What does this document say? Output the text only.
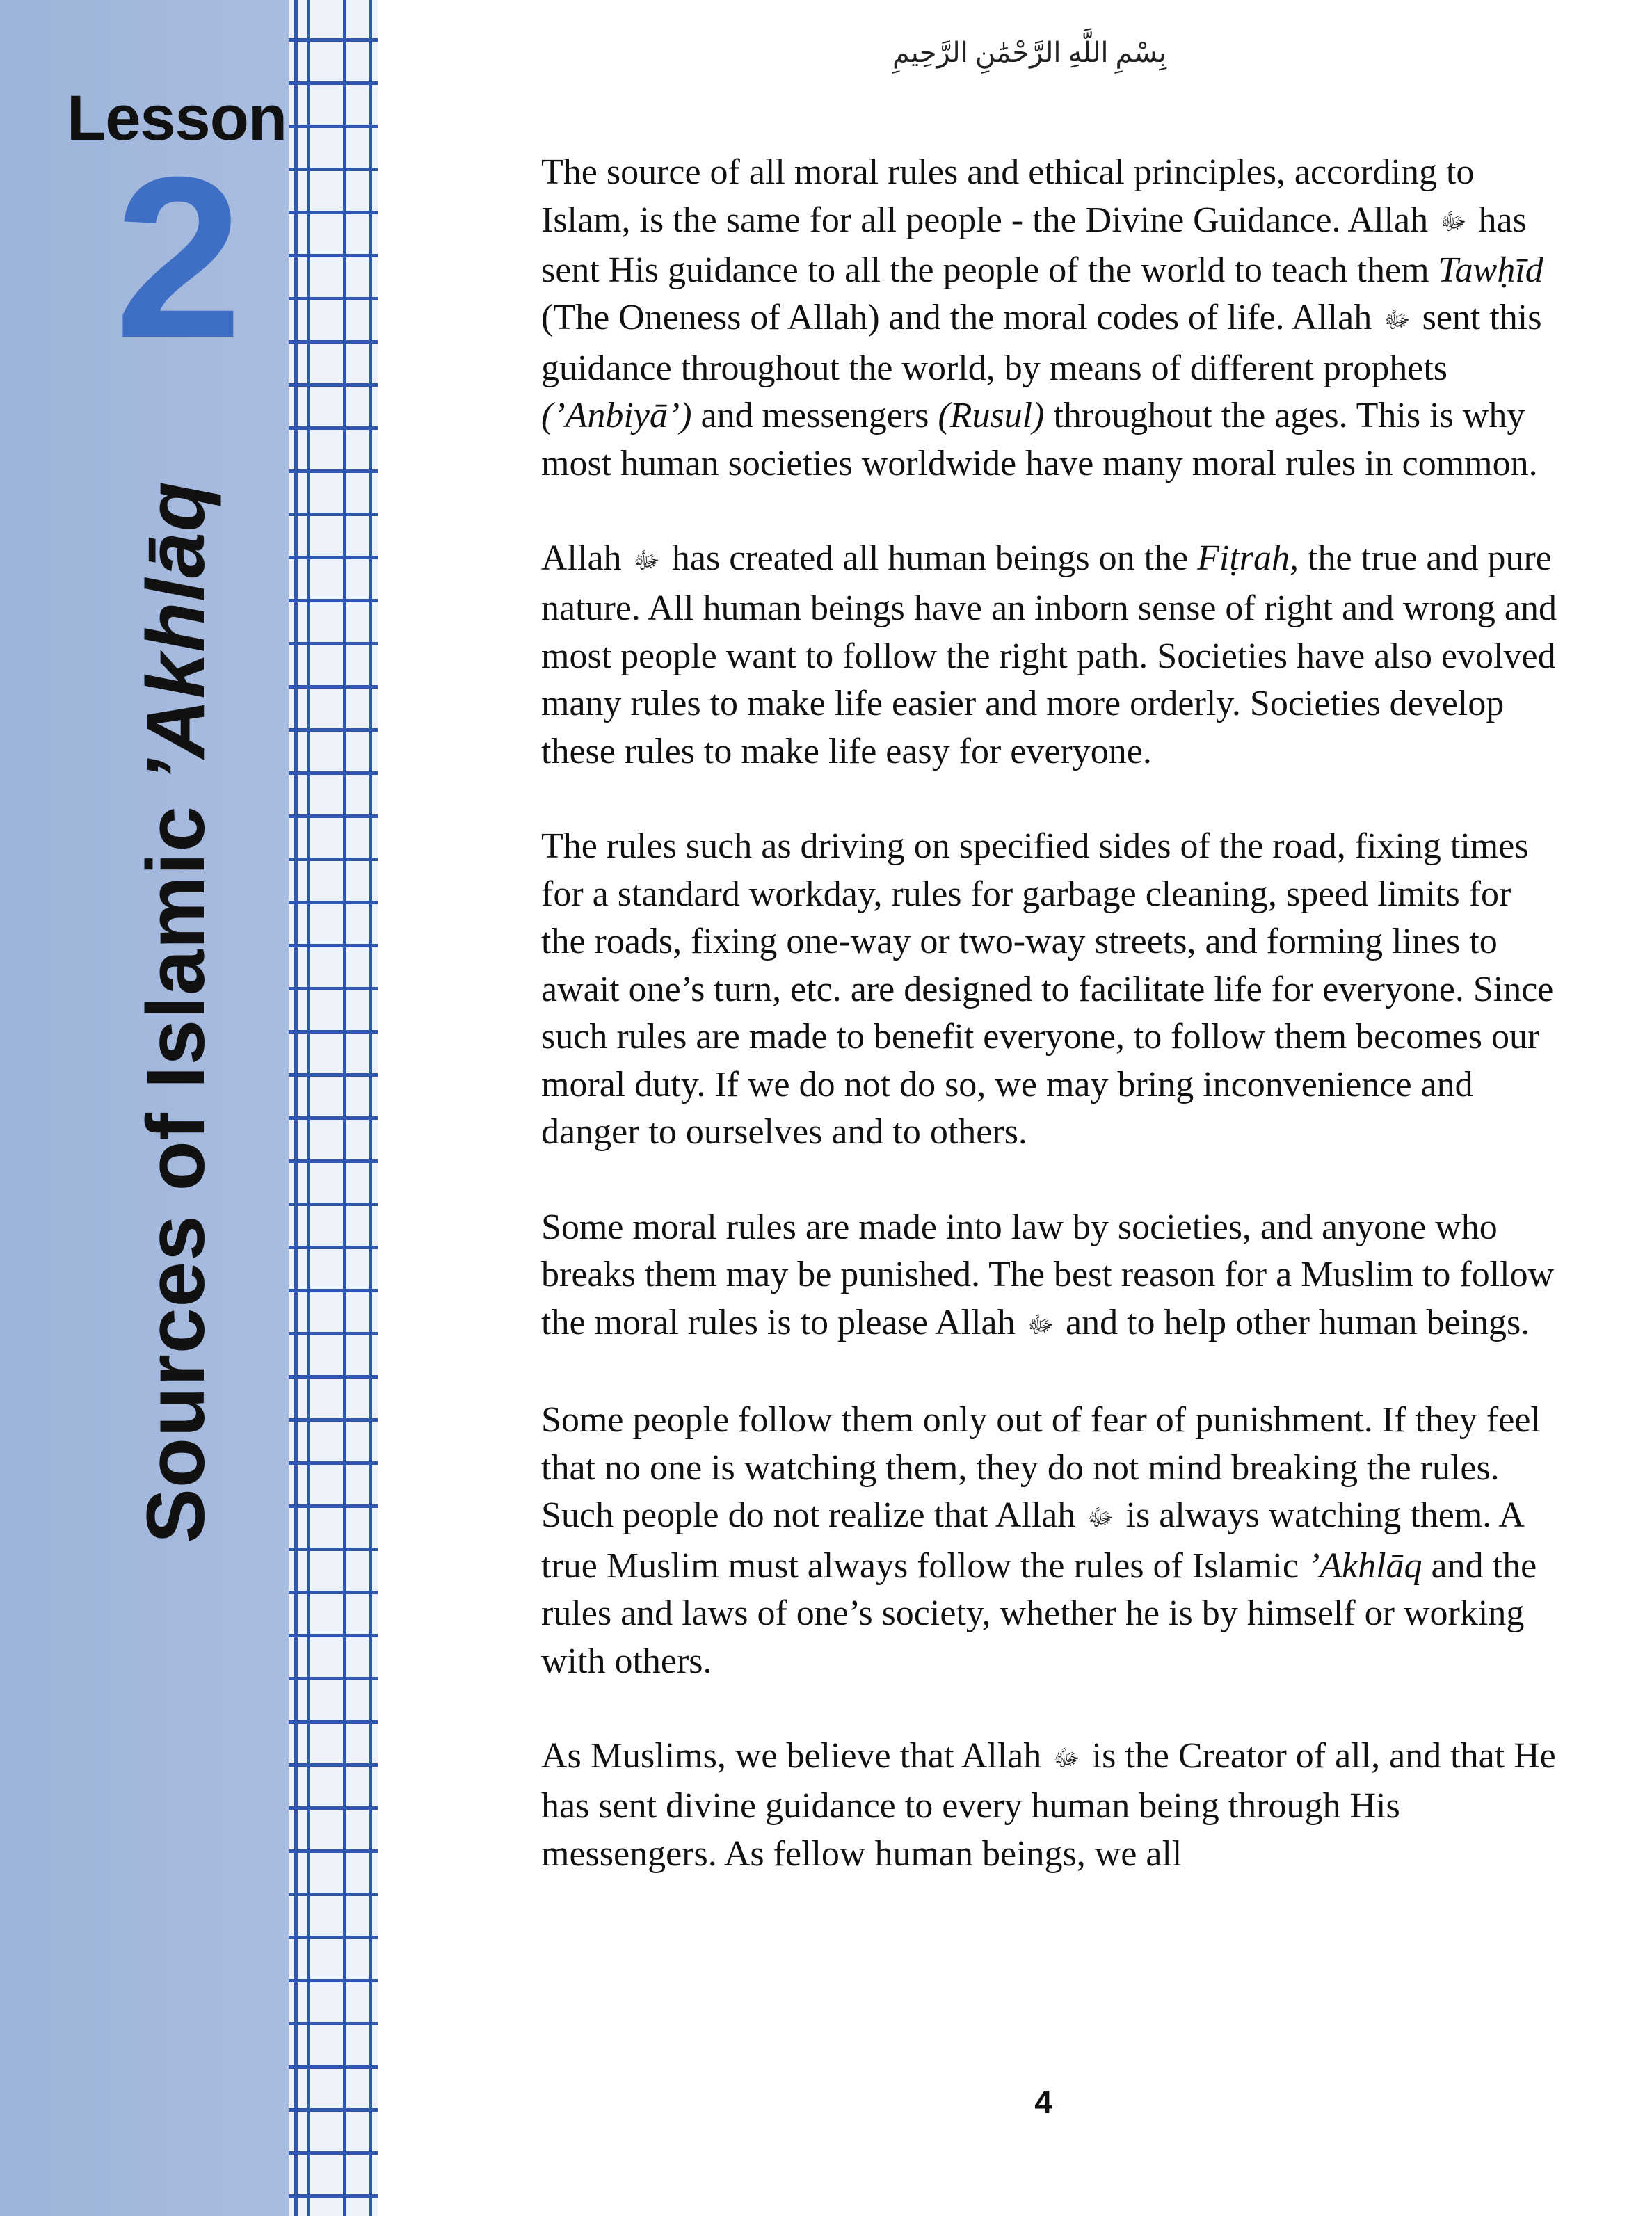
Lesson
2
Sources of Islamic ’Akhlāq
بِسْمِ اللَّهِ الرَّحْمَٰنِ الرَّحِيمِ

The source of all moral rules and ethical principles, according to Islam, is the same for all people - the Divine Guidance. Allah ﷻ has sent His guidance to all the people of the world to teach them Tawḥīd (The Oneness of Allah) and the moral codes of life. Allah ﷻ sent this guidance throughout the world, by means of different prophets (’Anbiyā’) and messengers (Rusul) throughout the ages. This is why most human societies worldwide have many moral rules in common.

Allah ﷻ has created all human beings on the Fiṭrah, the true and pure nature. All human beings have an inborn sense of right and wrong and most people want to follow the right path. Societies have also evolved many rules to make life easier and more orderly. Societies develop these rules to make life easy for everyone.

The rules such as driving on specified sides of the road, fixing times for a standard workday, rules for garbage cleaning, speed limits for the roads, fixing one-way or two-way streets, and forming lines to await one’s turn, etc. are designed to facilitate life for everyone. Since such rules are made to benefit everyone, to follow them becomes our moral duty. If we do not do so, we may bring inconvenience and danger to ourselves and to others.

Some moral rules are made into law by societies, and anyone who breaks them may be punished. The best reason for a Muslim to follow the moral rules is to please Allah ﷻ and to help other human beings.

Some people follow them only out of fear of punishment. If they feel that no one is watching them, they do not mind breaking the rules. Such people do not realize that Allah ﷻ is always watching them. A true Muslim must always follow the rules of Islamic ’Akhlāq and the rules and laws of one’s society, whether he is by himself or working with others.

As Muslims, we believe that Allah ﷻ is the Creator of all, and that He has sent divine guidance to every human being through His messengers. As fellow human beings, we all

4
